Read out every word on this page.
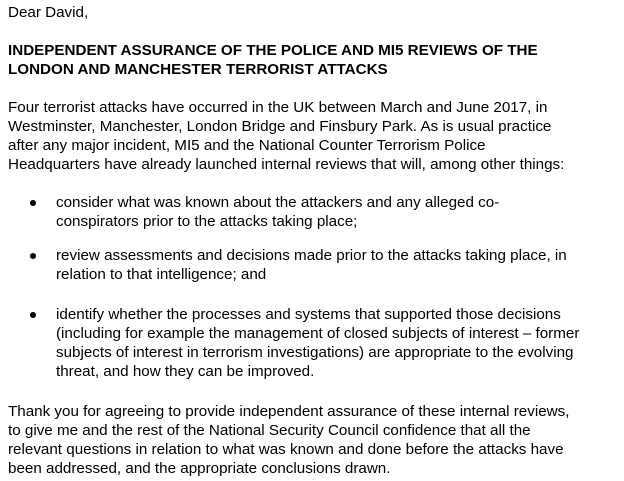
Dear David,
INDEPENDENT ASSURANCE OF THE POLICE AND MI5 REVIEWS OF THE
LONDON AND MANCHESTER TERRORIST ATTACKS
Four terrorist attacks have occurred in the UK between March and June 2017, in
Westminster, Manchester, London Bridge and Finsbury Park. As is usual practice
after any major incident, MI5 and the National Counter Terrorism Police
Headquarters have already launched internal reviews that will, among other things:
consider what was known about the attackers and any alleged co-
conspirators prior to the attacks taking place;
review assessments and decisions made prior to the attacks taking place, in
relation to that intelligence; and
identify whether the processes and systems that supported those decisions
(including for example the management of closed subjects of interest – former
subjects of interest in terrorism investigations) are appropriate to the evolving
threat, and how they can be improved.
Thank you for agreeing to provide independent assurance of these internal reviews,
to give me and the rest of the National Security Council confidence that all the
relevant questions in relation to what was known and done before the attacks have
been addressed, and the appropriate conclusions drawn.
